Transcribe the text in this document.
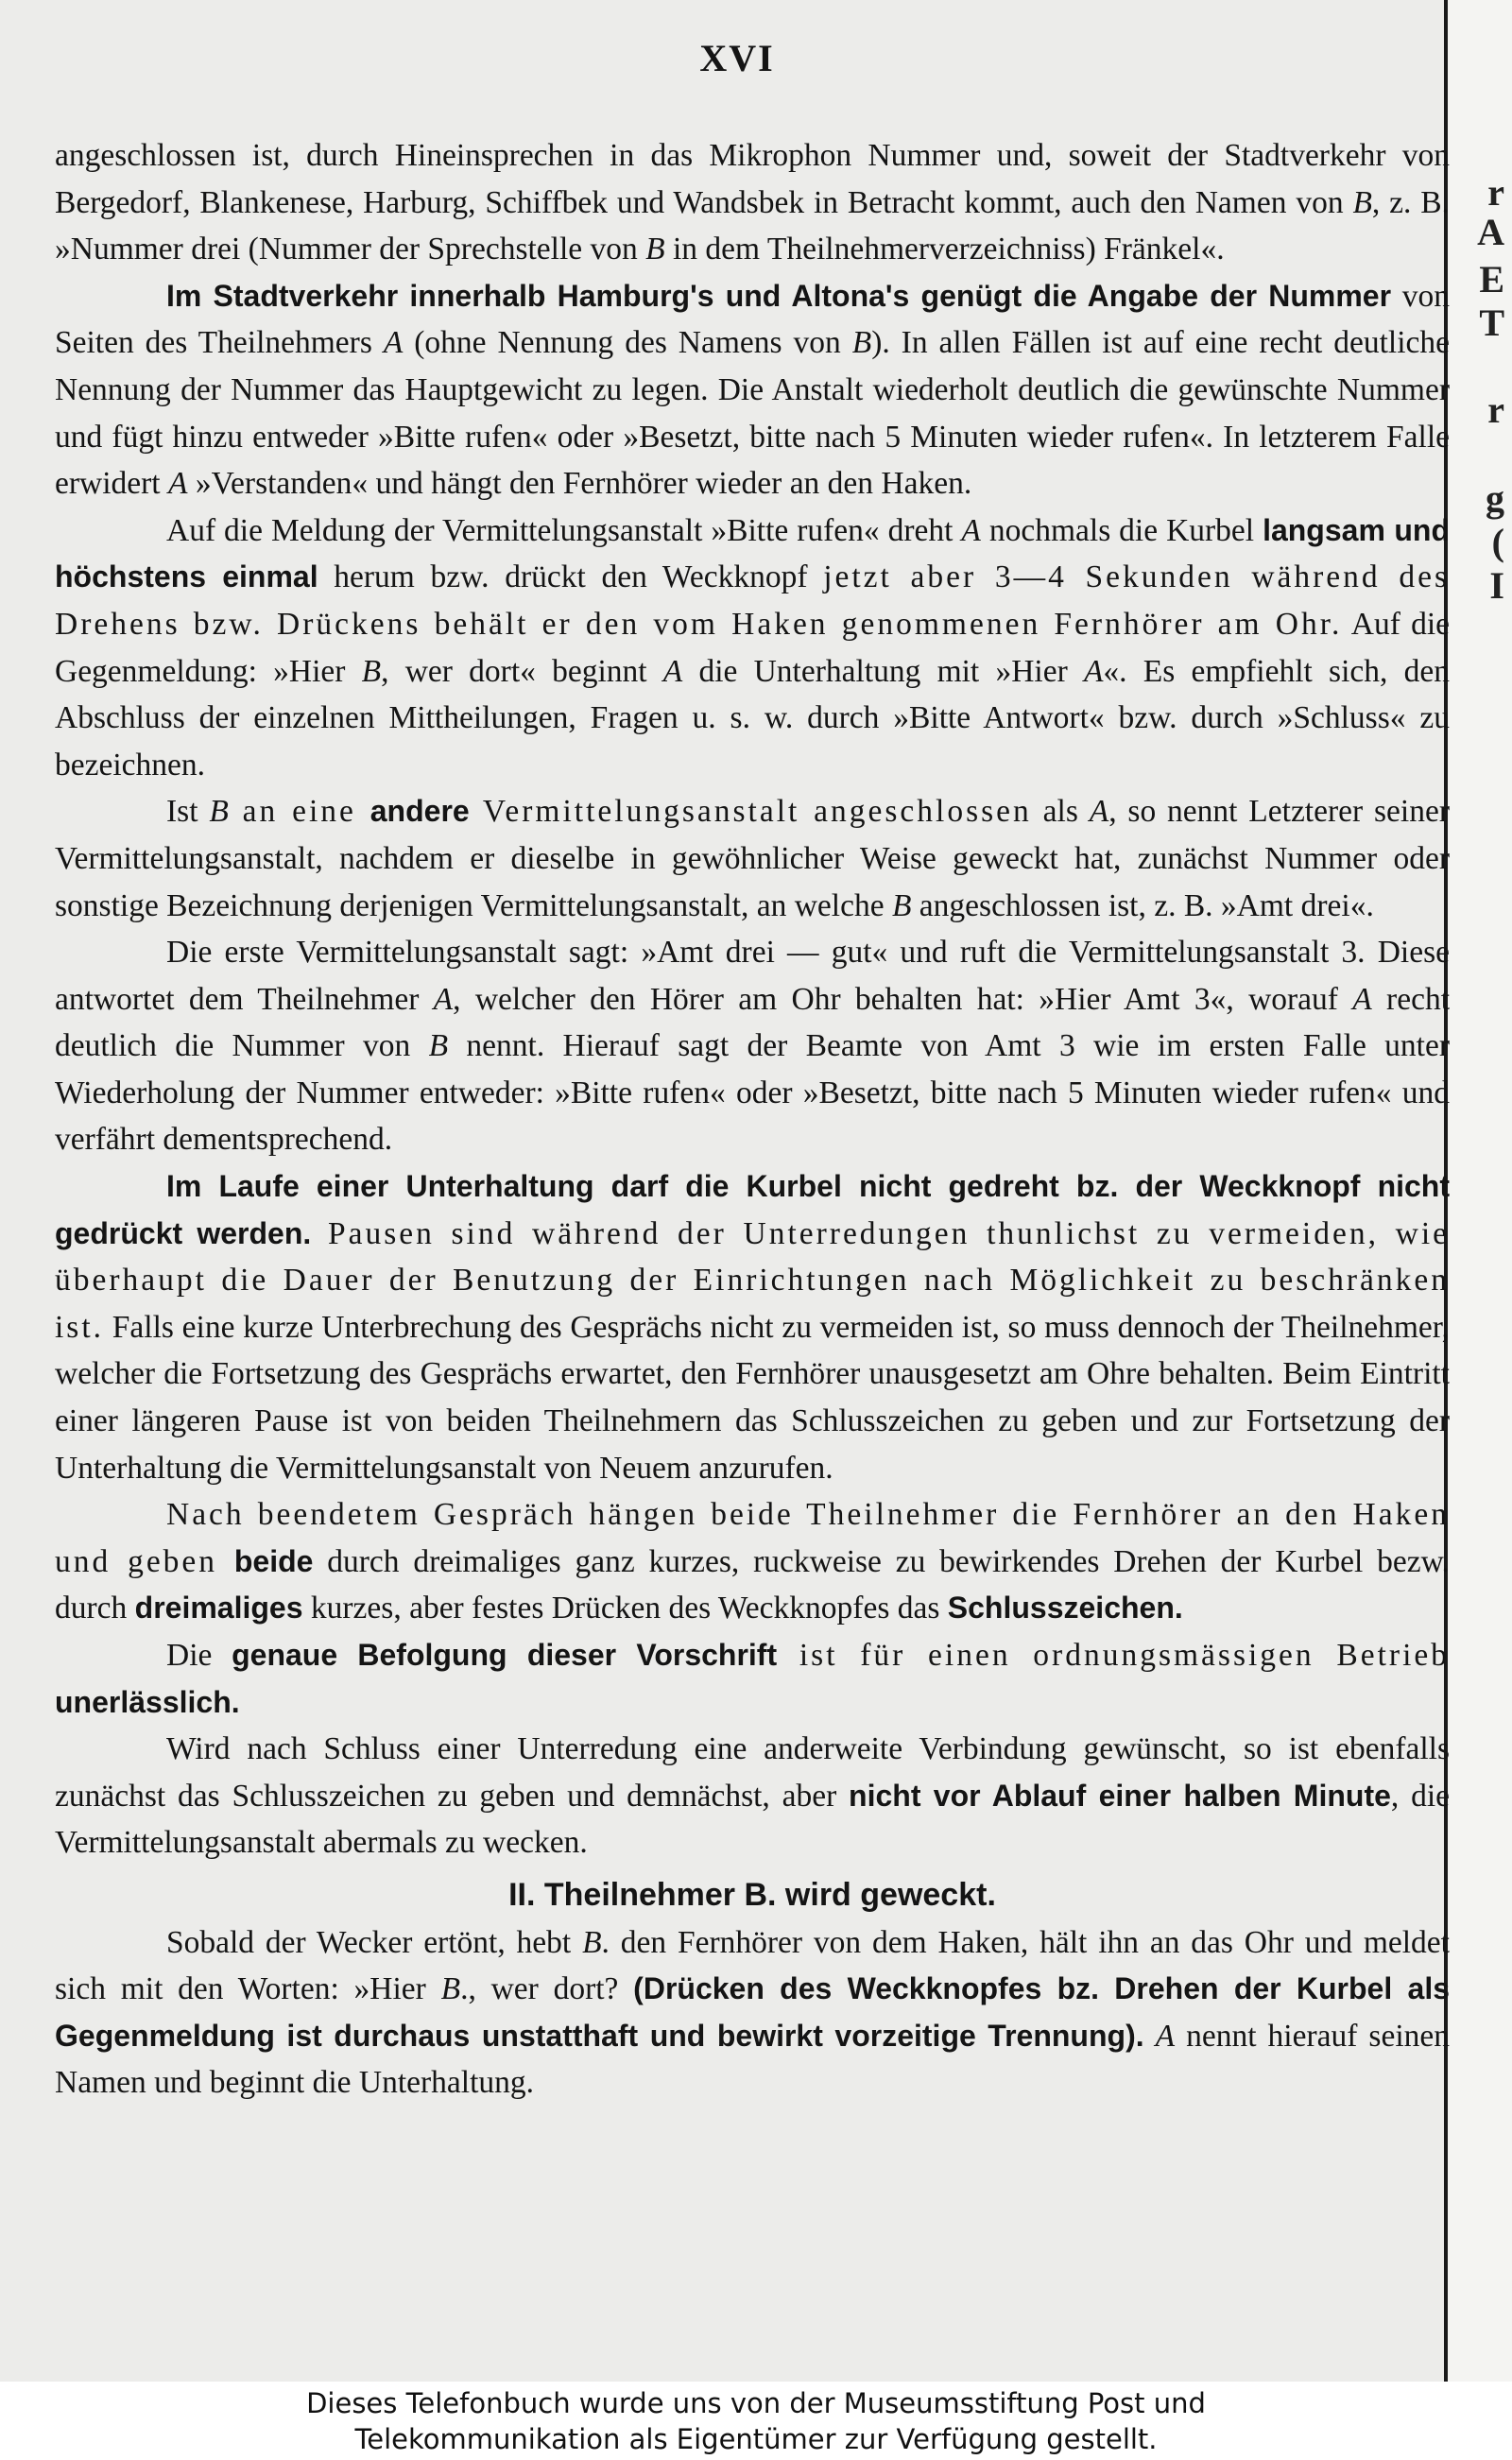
r
A
E
T
r
g
(
I
XVI

angeschlossen ist, durch Hineinsprechen in das Mikrophon Nummer und, soweit der Stadtverkehr von Bergedorf, Blankenese, Harburg, Schiffbek und Wandsbek in Betracht kommt, auch den Namen von B, z. B. »Nummer drei (Nummer der Sprechstelle von B in dem Theilnehmerverzeichniss) Fränkel«.

Im Stadtverkehr innerhalb Hamburg's und Altona's genügt die Angabe der Nummer von Seiten des Theilnehmers A (ohne Nennung des Namens von B). In allen Fällen ist auf eine recht deutliche Nennung der Nummer das Hauptgewicht zu legen. Die Anstalt wiederholt deutlich die gewünschte Nummer und fügt hinzu entweder »Bitte rufen« oder »Besetzt, bitte nach 5 Minuten wieder rufen«. In letzterem Falle erwidert A »Verstanden« und hängt den Fernhörer wieder an den Haken.

Auf die Meldung der Vermittelungsanstalt »Bitte rufen« dreht A nochmals die Kurbel langsam und höchstens einmal herum bzw. drückt den Weckknopf jetzt aber 3—4 Sekunden während des Drehens bzw. Drückens behält er den vom Haken genommenen Fernhörer am Ohr. Auf die Gegenmeldung: »Hier B, wer dort« beginnt A die Unterhaltung mit »Hier A«. Es empfiehlt sich, den Abschluss der einzelnen Mittheilungen, Fragen u. s. w. durch »Bitte Antwort« bzw. durch »Schluss« zu bezeichnen.

Ist B an eine andere Vermittelungsanstalt angeschlossen als A, so nennt Letzterer seiner Vermittelungsanstalt, nachdem er dieselbe in gewöhnlicher Weise geweckt hat, zunächst Nummer oder sonstige Bezeichnung derjenigen Vermittelungsanstalt, an welche B angeschlossen ist, z. B. »Amt drei«.

Die erste Vermittelungsanstalt sagt: »Amt drei — gut« und ruft die Vermittelungsanstalt 3. Diese antwortet dem Theilnehmer A, welcher den Hörer am Ohr behalten hat: »Hier Amt 3«, worauf A recht deutlich die Nummer von B nennt. Hierauf sagt der Beamte von Amt 3 wie im ersten Falle unter Wiederholung der Nummer entweder: »Bitte rufen« oder »Besetzt, bitte nach 5 Minuten wieder rufen« und verfährt dementsprechend.

Im Laufe einer Unterhaltung darf die Kurbel nicht gedreht bz. der Weckknopf nicht gedrückt werden. Pausen sind während der Unterredungen thunlichst zu vermeiden, wie überhaupt die Dauer der Benutzung der Einrichtungen nach Möglichkeit zu beschränken ist. Falls eine kurze Unterbrechung des Gesprächs nicht zu vermeiden ist, so muss dennoch der Theilnehmer, welcher die Fortsetzung des Gesprächs erwartet, den Fernhörer unausgesetzt am Ohre behalten. Beim Eintritt einer längeren Pause ist von beiden Theilnehmern das Schlusszeichen zu geben und zur Fortsetzung der Unterhaltung die Vermittelungsanstalt von Neuem anzurufen.

Nach beendetem Gespräch hängen beide Theilnehmer die Fernhörer an den Haken und geben beide durch dreimaliges ganz kurzes, ruckweise zu bewirkendes Drehen der Kurbel bezw. durch dreimaliges kurzes, aber festes Drücken des Weckknopfes das Schlusszeichen.

Die genaue Befolgung dieser Vorschrift ist für einen ordnungsmässigen Betrieb unerlässlich.

Wird nach Schluss einer Unterredung eine anderweite Verbindung gewünscht, so ist ebenfalls zunächst das Schlusszeichen zu geben und demnächst, aber nicht vor Ablauf einer halben Minute, die Vermittelungsanstalt abermals zu wecken.

II. Theilnehmer B. wird geweckt.

Sobald der Wecker ertönt, hebt B. den Fernhörer von dem Haken, hält ihn an das Ohr und meldet sich mit den Worten: »Hier B., wer dort? (Drücken des Weckknopfes bz. Drehen der Kurbel als Gegenmeldung ist durchaus unstatthaft und bewirkt vorzeitige Trennung). A nennt hierauf seinen Namen und beginnt die Unterhaltung.

Dieses Telefonbuch wurde uns von der Museumsstiftung Post und
Telekommunikation als Eigentümer zur Verfügung gestellt.
